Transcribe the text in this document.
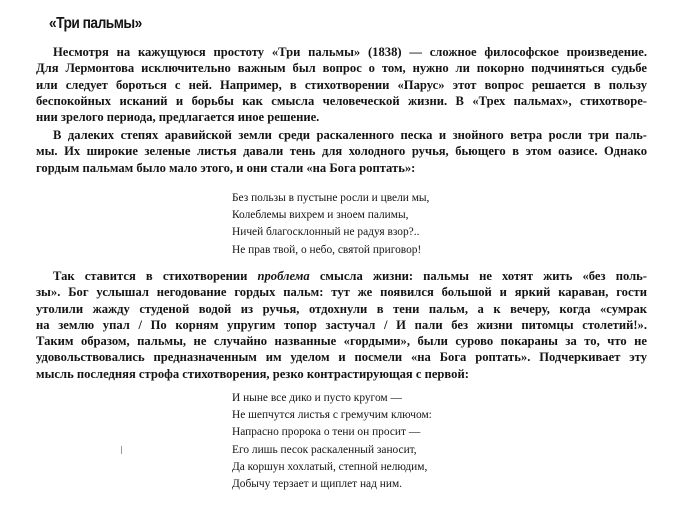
«Три пальмы»
Несмотря на кажущуюся простоту «Три пальмы» (1838) — сложное философское произведение.
Для Лермонтова исключительно важным был вопрос о том, нужно ли покорно подчиняться судьбе
или следует бороться с ней. Например, в стихотворении «Парус» этот вопрос решается в пользу
беспокойных исканий и борьбы как смысла человеческой жизни. В «Трех пальмах», стихотворе-
нии зрелого периода, предлагается иное решение.
В далеких степях аравийской земли среди раскаленного песка и знойного ветра росли три паль-
мы. Их широкие зеленые листья давали тень для холодного ручья, бьющего в этом оазисе. Однако
гордым пальмам было мало этого, и они стали «на Бога роптать»:
Без пользы в пустыне росли и цвели мы,
Колеблемы вихрем и зноем палимы,
Ничей благосклонный не радуя взор?..
Не прав твой, о небо, святой приговор!
Так ставится в стихотворении проблема смысла жизни: пальмы не хотят жить «без поль-
зы». Бог услышал негодование гордых пальм: тут же появился большой и яркий караван, гости
утолили жажду студеной водой из ручья, отдохнули в тени пальм, а к вечеру, когда «сумрак
на землю упал / По корням упругим топор застучал / И пали без жизни питомцы столетий!».
Таким образом, пальмы, не случайно названные «гордыми», были сурово покараны за то, что не
удовольствовались предназначенным им уделом и посмели «на Бога роптать». Подчеркивает эту
мысль последняя строфа стихотворения, резко контрастирующая с первой:
И ныне все дико и пусто кругом —
Не шепчутся листья с гремучим ключом:
Напрасно пророка о тени он просит —
Его лишь песок раскаленный заносит,
Да коршун хохлатый, степной нелюдим,
Добычу терзает и щиплет над ним.
